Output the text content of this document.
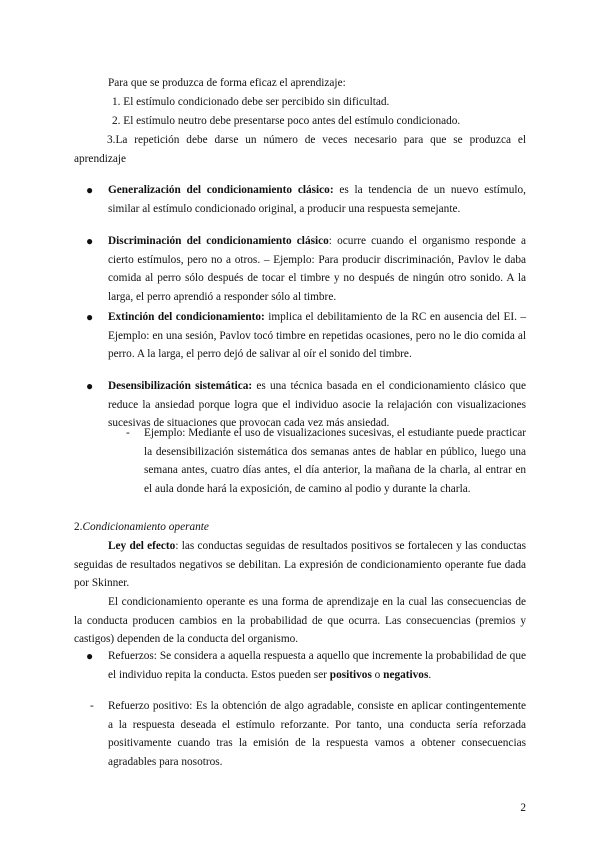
Para que se produzca de forma eficaz el aprendizaje:
1. El estímulo condicionado debe ser percibido sin dificultad.
2. El estímulo neutro debe presentarse poco antes del estímulo condicionado.
3.La repetición debe darse un número de veces necesario para que se produzca el aprendizaje
● Generalización del condicionamiento clásico: es la tendencia de un nuevo estímulo, similar al estímulo condicionado original, a producir una respuesta semejante.
● Discriminación del condicionamiento clásico: ocurre cuando el organismo responde a cierto estímulos, pero no a otros. – Ejemplo: Para producir discriminación, Pavlov le daba comida al perro sólo después de tocar el timbre y no después de ningún otro sonido. A la larga, el perro aprendió a responder sólo al timbre.
● Extinción del condicionamiento: implica el debilitamiento de la RC en ausencia del EI. – Ejemplo: en una sesión, Pavlov tocó timbre en repetidas ocasiones, pero no le dio comida al perro. A la larga, el perro dejó de salivar al oír el sonido del timbre.
● Desensibilización sistemática: es una técnica basada en el condicionamiento clásico que reduce la ansiedad porque logra que el individuo asocie la relajación con visualizaciones sucesivas de situaciones que provocan cada vez más ansiedad.
- Ejemplo: Mediante el uso de visualizaciones sucesivas, el estudiante puede practicar la desensibilización sistemática dos semanas antes de hablar en público, luego una semana antes, cuatro días antes, el día anterior, la mañana de la charla, al entrar en el aula donde hará la exposición, de camino al podio y durante la charla.
2.Condicionamiento operante
Ley del efecto: las conductas seguidas de resultados positivos se fortalecen y las conductas seguidas de resultados negativos se debilitan. La expresión de condicionamiento operante fue dada por Skinner.
El condicionamiento operante es una forma de aprendizaje en la cual las consecuencias de la conducta producen cambios en la probabilidad de que ocurra. Las consecuencias (premios y castigos) dependen de la conducta del organismo.
● Refuerzos: Se considera a aquella respuesta a aquello que incremente la probabilidad de que el individuo repita la conducta. Estos pueden ser positivos o negativos.
- Refuerzo positivo: Es la obtención de algo agradable, consiste en aplicar contingentemente a la respuesta deseada el estímulo reforzante. Por tanto, una conducta sería reforzada positivamente cuando tras la emisión de la respuesta vamos a obtener consecuencias agradables para nosotros.
2
